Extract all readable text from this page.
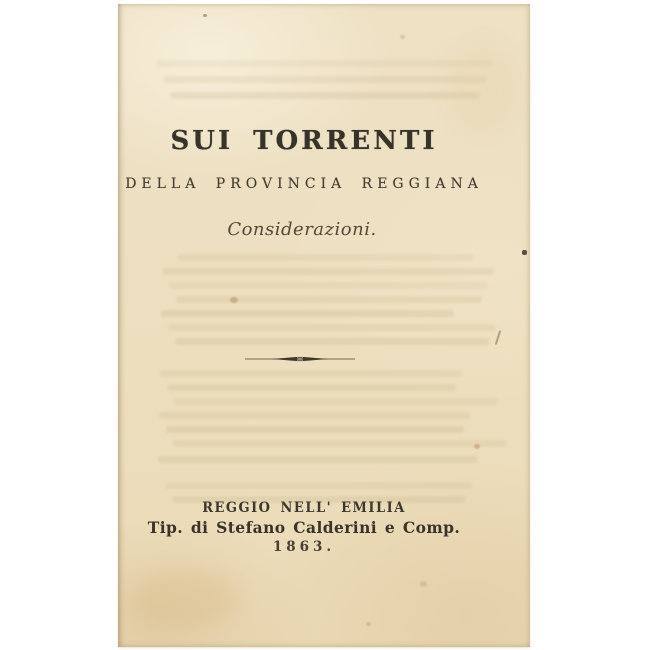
SUI TORRENTI
DELLA PROVINCIA REGGIANA
Considerazioni.
REGGIO NELL' EMILIA
Tip. di Stefano Calderini e Comp.
1863.
